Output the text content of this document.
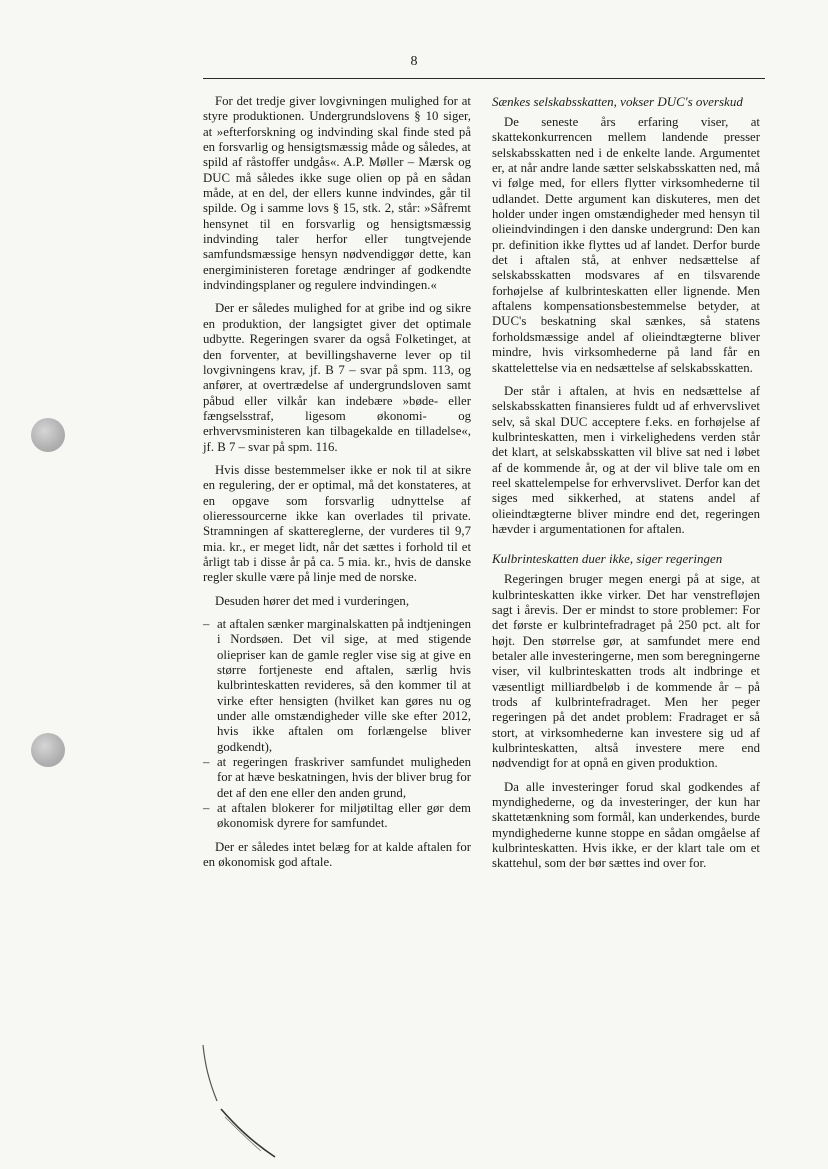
8

For det tredje giver lovgivningen mulighed for at styre produktionen. Undergrundslovens § 10 siger, at »efterforskning og indvinding skal finde sted på en forsvarlig og hensigtsmæssig måde og således, at spild af råstoffer undgås«. A.P. Møller – Mærsk og DUC må således ikke suge olien op på en sådan måde, at en del, der ellers kunne indvindes, går til spilde. Og i samme lovs § 15, stk. 2, står: »Såfremt hensynet til en forsvarlig og hensigtsmæssig indvinding taler herfor eller tungtvejende samfundsmæssige hensyn nødvendiggør dette, kan energiministeren foretage ændringer af godkendte indvindingsplaner og regulere indvindingen.«

Der er således mulighed for at gribe ind og sikre en produktion, der langsigtet giver det optimale udbytte. Regeringen svarer da også Folketinget, at den forventer, at bevillingshaverne lever op til lovgivningens krav, jf. B 7 – svar på spm. 113, og anfører, at overtrædelse af undergrundsloven samt påbud eller vilkår kan indebære »bøde- eller fængselsstraf, ligesom økonomi- og erhvervsministeren kan tilbagekalde en tilladelse«, jf. B 7 – svar på spm. 116.

Hvis disse bestemmelser ikke er nok til at sikre en regulering, der er optimal, må det konstateres, at en opgave som forsvarlig udnyttelse af olieressourcerne ikke kan overlades til private. Stramningen af skattereglerne, der vurderes til 9,7 mia. kr., er meget lidt, når det sættes i forhold til et årligt tab i disse år på ca. 5 mia. kr., hvis de danske regler skulle være på linje med de norske.

Desuden hører det med i vurderingen,

– at aftalen sænker marginalskatten på indtjeningen i Nordsøen. Det vil sige, at med stigende oliepriser kan de gamle regler vise sig at give en større fortjeneste end aftalen, særlig hvis kulbrinteskatten revideres, så den kommer til at virke efter hensigten (hvilket kan gøres nu og under alle omstændigheder ville ske efter 2012, hvis ikke aftalen om forlængelse bliver godkendt),
– at regeringen fraskriver samfundet muligheden for at hæve beskatningen, hvis der bliver brug for det af den ene eller den anden grund,
– at aftalen blokerer for miljøtiltag eller gør dem økonomisk dyrere for samfundet.

Der er således intet belæg for at kalde aftalen for en økonomisk god aftale.

Sænkes selskabsskatten, vokser DUC's overskud

De seneste års erfaring viser, at skattekonkurrencen mellem landende presser selskabsskatten ned i de enkelte lande. Argumentet er, at når andre lande sætter selskabsskatten ned, må vi følge med, for ellers flytter virksomhederne til udlandet. Dette argument kan diskuteres, men det holder under ingen omstændigheder med hensyn til olieindvindingen i den danske undergrund: Den kan pr. definition ikke flyttes ud af landet. Derfor burde det i aftalen stå, at enhver nedsættelse af selskabsskatten modsvares af en tilsvarende forhøjelse af kulbrinteskatten eller lignende. Men aftalens kompensationsbestemmelse betyder, at DUC's beskatning skal sænkes, så statens forholdsmæssige andel af olieindtægterne bliver mindre, hvis virksomhederne på land får en skattelettelse via en nedsættelse af selskabsskatten.

Der står i aftalen, at hvis en nedsættelse af selskabsskatten finansieres fuldt ud af erhvervslivet selv, så skal DUC acceptere f.eks. en forhøjelse af kulbrinteskatten, men i virkelighedens verden står det klart, at selskabsskatten vil blive sat ned i løbet af de kommende år, og at der vil blive tale om en reel skattelempelse for erhvervslivet. Derfor kan det siges med sikkerhed, at statens andel af olieindtægterne bliver mindre end det, regeringen hævder i argumentationen for aftalen.

Kulbrinteskatten duer ikke, siger regeringen

Regeringen bruger megen energi på at sige, at kulbrinteskatten ikke virker. Det har venstrefløjen sagt i årevis. Der er mindst to store problemer: For det første er kulbrintefradraget på 250 pct. alt for højt. Den størrelse gør, at samfundet mere end betaler alle investeringerne, men som beregningerne viser, vil kulbrinteskatten trods alt indbringe et væsentligt milliardbeløb i de kommende år – på trods af kulbrintefradraget. Men her peger regeringen på det andet problem: Fradraget er så stort, at virksomhederne kan investere sig ud af kulbrinteskatten, altså investere mere end nødvendigt for at opnå en given produktion.

Da alle investeringer forud skal godkendes af myndighederne, og da investeringer, der kun har skattetænkning som formål, kan underkendes, burde myndighederne kunne stoppe en sådan omgåelse af kulbrinteskatten. Hvis ikke, er der klart tale om et skattehul, som der bør sættes ind over for.
